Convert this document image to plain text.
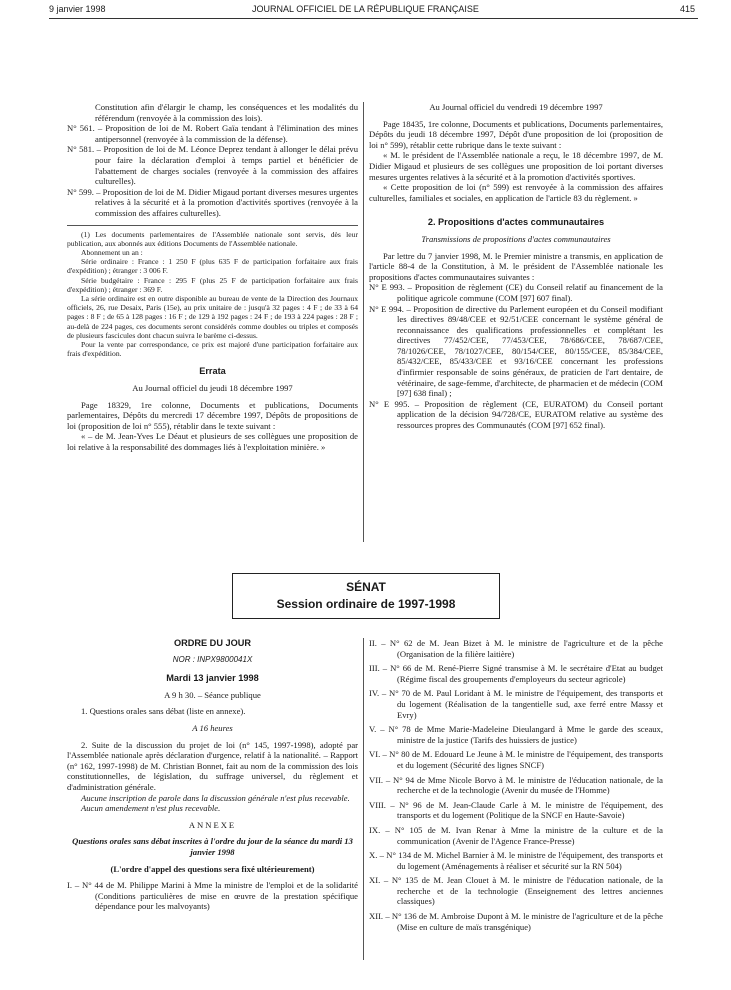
9 janvier 1998	JOURNAL OFFICIEL DE LA RÉPUBLIQUE FRANÇAISE	415

Constitution afin d'élargir le champ, les conséquences et les modalités du référendum (renvoyée à la commission des lois).

N° 561. – Proposition de loi de M. Robert Gaïa tendant à l'élimination des mines antipersonnel (renvoyée à la commission de la défense).

N° 581. – Proposition de loi de M. Léonce Deprez tendant à allonger le délai prévu pour faire la déclaration d'emploi à temps partiel et bénéficier de l'abattement de charges sociales (renvoyée à la commission des affaires culturelles).

N° 599. – Proposition de loi de M. Didier Migaud portant diverses mesures urgentes relatives à la sécurité et à la promotion d'activités sportives (renvoyée à la commission des affaires culturelles).

(1) Les documents parlementaires de l'Assemblée nationale sont servis, dès leur publication, aux abonnés aux éditions Documents de l'Assemblée nationale.

Abonnement un an :

Série ordinaire : France : 1 250 F (plus 635 F de participation forfaitaire aux frais d'expédition) ; étranger : 3 006 F.

Série budgétaire : France : 295 F (plus 25 F de participation forfaitaire aux frais d'expédition) ; étranger : 369 F.

La série ordinaire est en outre disponible au bureau de vente de la Direction des Journaux officiels, 26, rue Desaix, Paris (15e), au prix unitaire de : jusqu'à 32 pages : 4 F ; de 33 à 64 pages : 8 F ; de 65 à 128 pages : 16 F ; de 129 à 192 pages : 24 F ; de 193 à 224 pages : 28 F ; au-delà de 224 pages, ces documents seront considérés comme doubles ou triples et composés de plusieurs fascicules dont chacun suivra le barème ci-dessus.

Pour la vente par correspondance, ce prix est majoré d'une participation forfaitaire aux frais d'expédition.

Errata

Au Journal officiel du jeudi 18 décembre 1997

Page 18329, 1re colonne, Documents et publications, Documents parlementaires, Dépôts du mercredi 17 décembre 1997, Dépôts de propositions de loi (proposition de loi n° 555), rétablir dans le texte suivant :

« – de M. Jean-Yves Le Déaut et plusieurs de ses collègues une proposition de loi relative à la responsabilité des dommages liés à l'exploitation minière. »

Au Journal officiel du vendredi 19 décembre 1997

Page 18435, 1re colonne, Documents et publications, Documents parlementaires, Dépôts du jeudi 18 décembre 1997, Dépôt d'une proposition de loi (proposition de loi n° 599), rétablir cette rubrique dans le texte suivant :

« M. le président de l'Assemblée nationale a reçu, le 18 décembre 1997, de M. Didier Migaud et plusieurs de ses collègues une proposition de loi portant diverses mesures urgentes relatives à la sécurité et à la promotion d'activités sportives.

« Cette proposition de loi (n° 599) est renvoyée à la commission des affaires culturelles, familiales et sociales, en application de l'article 83 du règlement. »

2. Propositions d'actes communautaires

Transmissions de propositions d'actes communautaires

Par lettre du 7 janvier 1998, M. le Premier ministre a transmis, en application de l'article 88-4 de la Constitution, à M. le président de l'Assemblée nationale les propositions d'actes communautaires suivantes :

N° E 993. – Proposition de règlement (CE) du Conseil relatif au financement de la politique agricole commune (COM [97] 607 final).

N° E 994. – Proposition de directive du Parlement européen et du Conseil modifiant les directives 89/48/CEE et 92/51/CEE concernant le système général de reconnaissance des qualifications professionnelles et complétant les directives 77/452/CEE, 77/453/CEE, 78/686/CEE, 78/687/CEE, 78/1026/CEE, 78/1027/CEE, 80/154/CEE, 80/155/CEE, 85/384/CEE, 85/432/CEE, 85/433/CEE et 93/16/CEE concernant les professions d'infirmier responsable de soins généraux, de praticien de l'art dentaire, de vétérinaire, de sage-femme, d'architecte, de pharmacien et de médecin (COM [97] 638 final) ;

N° E 995. – Proposition de règlement (CE, EURATOM) du Conseil portant application de la décision 94/728/CE, EURATOM relative au système des ressources propres des Communautés (COM [97] 652 final).

SÉNAT
Session ordinaire de 1997-1998
ORDRE DU JOUR

NOR : INPX9800041X

Mardi 13 janvier 1998

A 9 h 30. – Séance publique

1. Questions orales sans débat (liste en annexe).

A 16 heures

2. Suite de la discussion du projet de loi (n° 145, 1997-1998), adopté par l'Assemblée nationale après déclaration d'urgence, relatif à la nationalité. – Rapport (n° 162, 1997-1998) de M. Christian Bonnet, fait au nom de la commission des lois constitutionnelles, de législation, du suffrage universel, du règlement et d'administration générale.

Aucune inscription de parole dans la discussion générale n'est plus recevable.

Aucun amendement n'est plus recevable.

ANNEXE

Questions orales sans débat inscrites à l'ordre du jour de la séance du mardi 13 janvier 1998

(L'ordre d'appel des questions sera fixé ultérieurement)

I. – N° 44 de M. Philippe Marini à Mme la ministre de l'emploi et de la solidarité (Conditions particulières de mise en œuvre de la prestation spécifique dépendance pour les malvoyants)

II. – N° 62 de M. Jean Bizet à M. le ministre de l'agriculture et de la pêche (Organisation de la filière laitière)

III. – N° 66 de M. René-Pierre Signé transmise à M. le secrétaire d'Etat au budget (Régime fiscal des groupements d'employeurs du secteur agricole)

IV. – N° 70 de M. Paul Loridant à M. le ministre de l'équipement, des transports et du logement (Réalisation de la tangentielle sud, axe ferré entre Massy et Evry)

V. – N° 78 de Mme Marie-Madeleine Dieulangard à Mme le garde des sceaux, ministre de la justice (Tarifs des huissiers de justice)

VI. – N° 80 de M. Edouard Le Jeune à M. le ministre de l'équipement, des transports et du logement (Sécurité des lignes SNCF)

VII. – N° 94 de Mme Nicole Borvo à M. le ministre de l'éducation nationale, de la recherche et de la technologie (Avenir du musée de l'Homme)

VIII. – N° 96 de M. Jean-Claude Carle à M. le ministre de l'équipement, des transports et du logement (Politique de la SNCF en Haute-Savoie)

IX. – N° 105 de M. Ivan Renar à Mme la ministre de la culture et de la communication (Avenir de l'Agence France-Presse)

X. – N° 134 de M. Michel Barnier à M. le ministre de l'équipement, des transports et du logement (Aménagements à réaliser et sécurité sur la RN 504)

XI. – N° 135 de M. Jean Clouet à M. le ministre de l'éducation nationale, de la recherche et de la technologie (Enseignement des lettres anciennes classiques)

XII. – N° 136 de M. Ambroise Dupont à M. le ministre de l'agriculture et de la pêche (Mise en culture de maïs transgénique)
